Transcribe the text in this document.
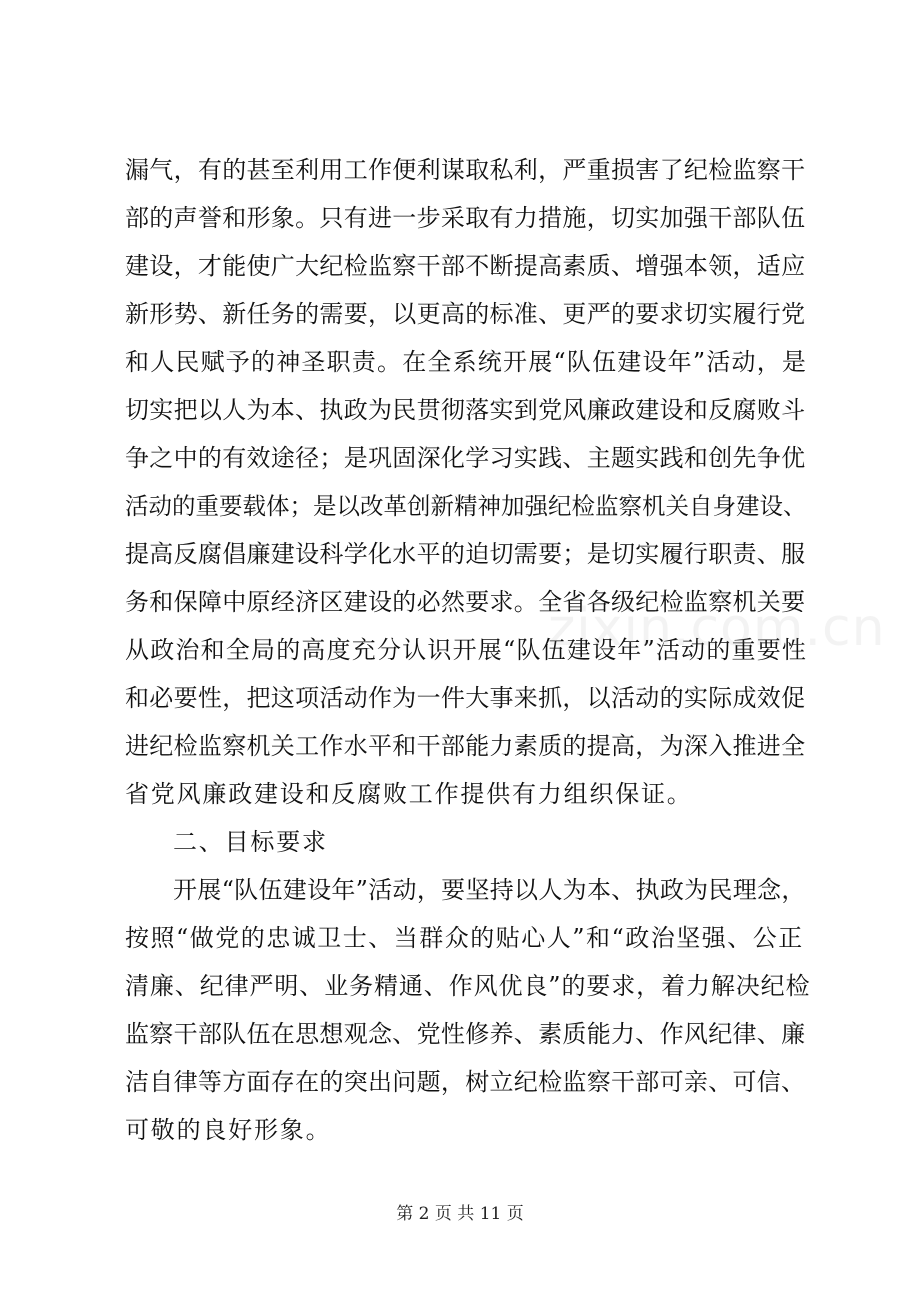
漏气，有的甚至利用工作便利谋取私利，严重损害了纪检监察干
部的声誉和形象。只有进一步采取有力措施，切实加强干部队伍
建设，才能使广大纪检监察干部不断提高素质、增强本领，适应
新形势、新任务的需要，以更高的标准、更严的要求切实履行党
和人民赋予的神圣职责。在全系统开展“队伍建设年”活动，是
切实把以人为本、执政为民贯彻落实到党风廉政建设和反腐败斗
争之中的有效途径；是巩固深化学习实践、主题实践和创先争优
活动的重要载体；是以改革创新精神加强纪检监察机关自身建设、
提高反腐倡廉建设科学化水平的迫切需要；是切实履行职责、服
务和保障中原经济区建设的必然要求。全省各级纪检监察机关要
从政治和全局的高度充分认识开展“队伍建设年”活动的重要性
和必要性，把这项活动作为一件大事来抓，以活动的实际成效促
进纪检监察机关工作水平和干部能力素质的提高，为深入推进全
省党风廉政建设和反腐败工作提供有力组织保证。
二、目标要求
开展“队伍建设年”活动，要坚持以人为本、执政为民理念，
按照“做党的忠诚卫士、当群众的贴心人”和“政治坚强、公正
清廉、纪律严明、业务精通、作风优良”的要求，着力解决纪检
监察干部队伍在思想观念、党性修养、素质能力、作风纪律、廉
洁自律等方面存在的突出问题，树立纪检监察干部可亲、可信、
可敬的良好形象。
zixin.com.cn
第 2 页 共 11 页
